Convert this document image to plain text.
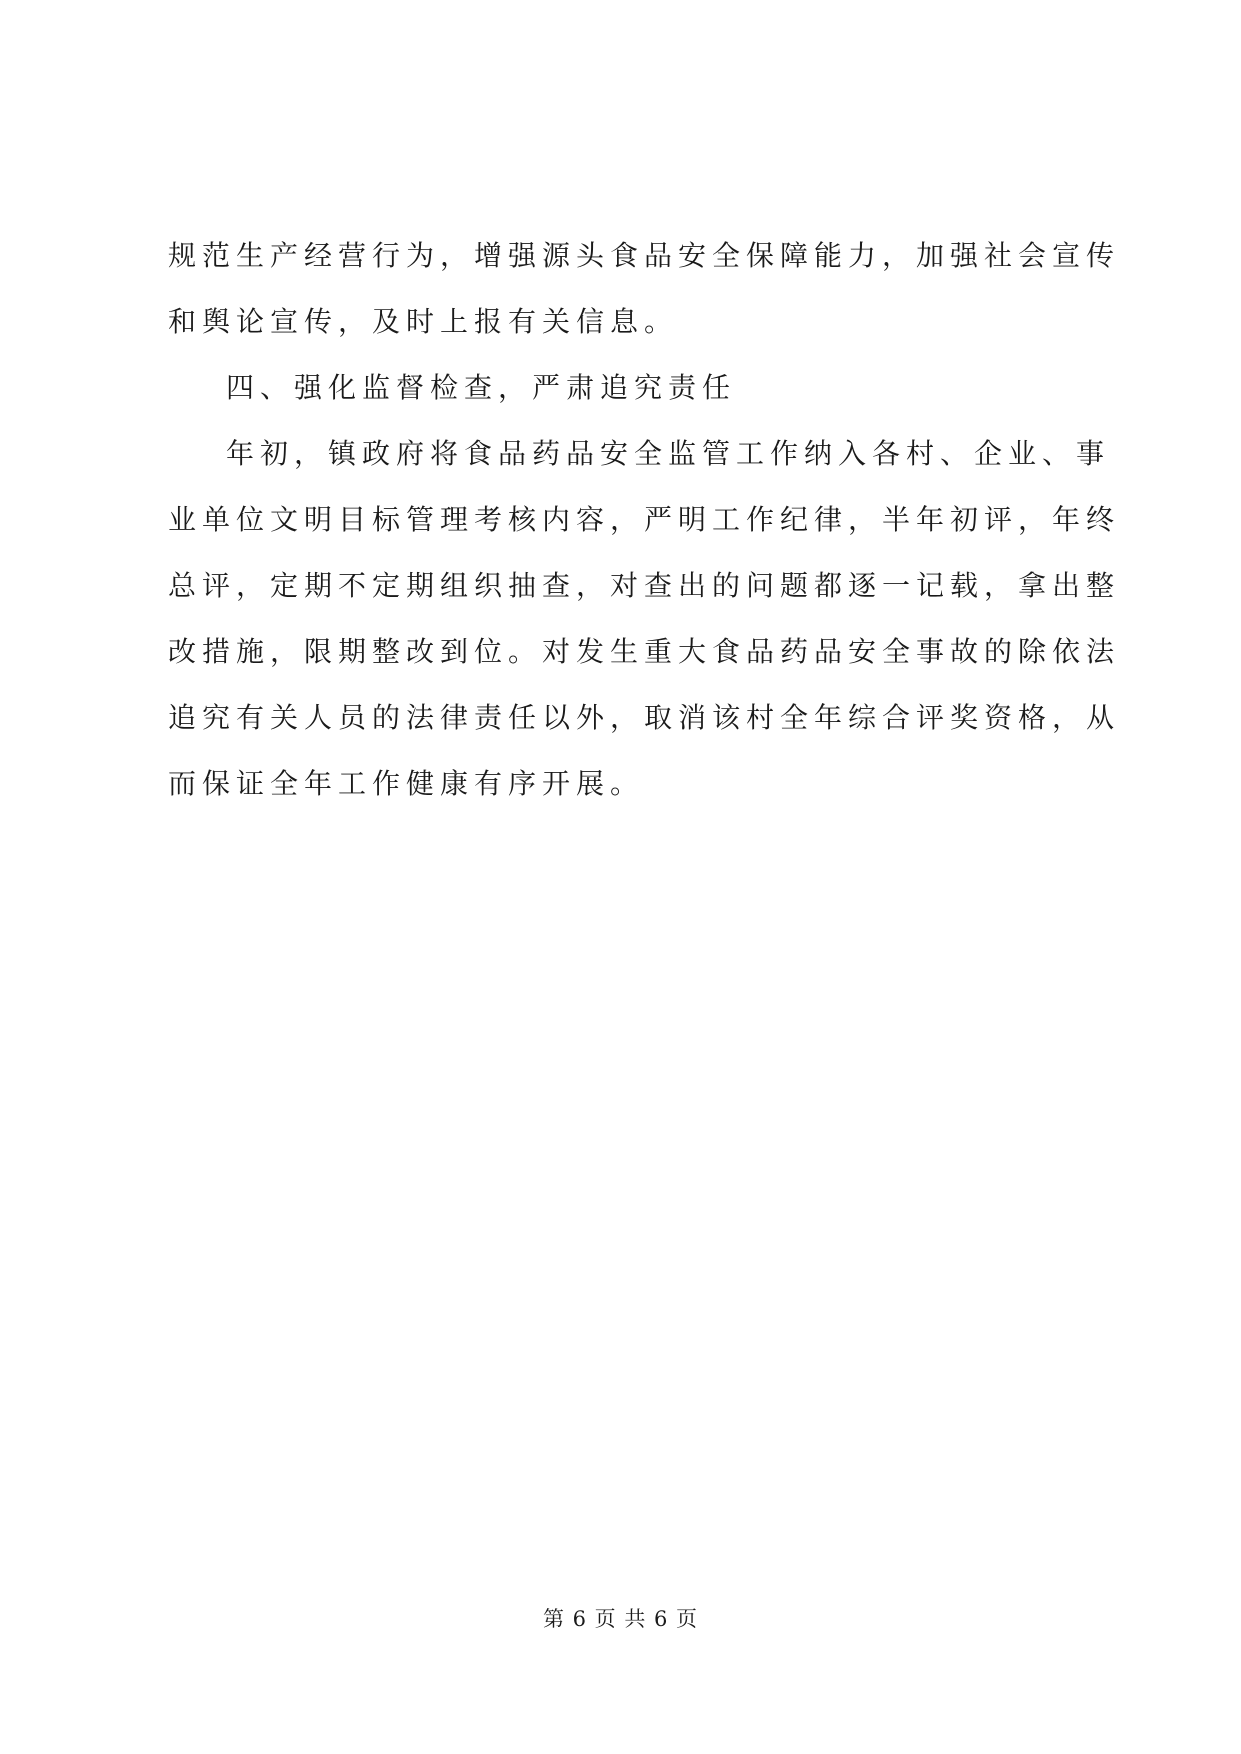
规范生产经营行为，增强源头食品安全保障能力，加强社会宣传
和舆论宣传，及时上报有关信息。
四、强化监督检查，严肃追究责任
年初，镇政府将食品药品安全监管工作纳入各村、企业、事
业单位文明目标管理考核内容，严明工作纪律，半年初评，年终
总评，定期不定期组织抽查，对查出的问题都逐一记载，拿出整
改措施，限期整改到位。对发生重大食品药品安全事故的除依法
追究有关人员的法律责任以外，取消该村全年综合评奖资格，从
而保证全年工作健康有序开展。
第 6 页 共 6 页
